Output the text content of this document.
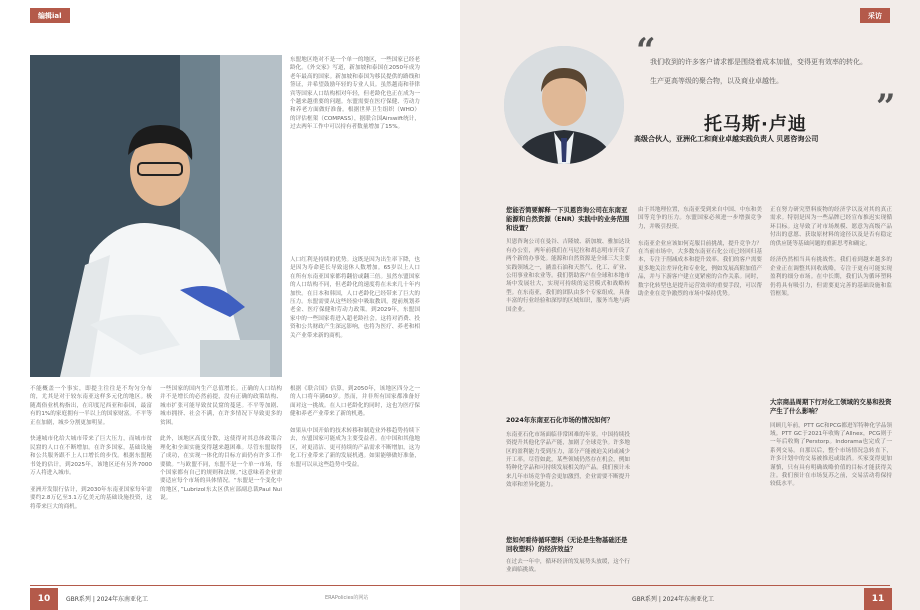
编辑ial
东盟地区绝对不是一个单一的地区，一些国家已经老龄化。《外交家》写道，新加坡和泰国在2050年成为老年最高的国家。新加坡和泰国为移民提供的路线和签证，并希望鼓励年轻的专业人员。虽然越南和菲律宾等国家人口结构相对年轻，但老龄化也正在成为一个越来越重要的问题。东盟需要在医疗保健、劳动力和养老方面做好准备。根据世界卫生组织（WHO）的评估框架（COMPASS），据联合国Airswift统计，过去两年工作中可以持有者数量增加了15%。
人口红利是持续的优势。这既是因为出生率下降，也是因为寿命延长导致退休人数增加。65岁以上人口在所有东南亚国家都将翻倍或翻三倍。虽然东盟国家的人口结构不同，但老龄化的速度将在未来几十年内加快。在日本和韩国，人口老龄化已经带来了巨大的压力。东盟需要从这些经验中吸取教训，提前规划养老金、医疗保健和劳动力政策。到2029年，东盟国家中的一些国家将进入超老龄社会。这将对消费、投资和公共财政产生深远影响，也将为医疗、养老和相关产业带来新的商机。
不能概盖一个事实，即提主往往是不均匀分布的，尤其是对于较东南亚这样多元化的地区。极随离俗业机构指出，在印度尼西亚和泰国，最富有的1%的家庭拥有一半以上的国家财富。不平等正在加剧，城乡分割更加明显。

快速城市化给大城市带来了巨大压力，而城市贫民窟的人口在不断增加。在许多国家，基础设施和公共服务跟不上人口增长的步伐。根据东盟秘书处的估计，到2025年，该地区还有另外7000万人将进入城市。

亚洲开发银行估计，到2030年东南亚国家每年需要约2.8万亿至3.1万亿美元的基础设施投资，这将带来巨大的商机。
一些国家的国内生产总值增长。正确的人口结构并不是增长的必然前提，没有正确的政策结构、城市扩张可能导致贫民窟的蔓延。不平等加剧、城市拥挤、社会不满，在许多情况下导致更多的贫困。

此外，该地区高度分散，这使得对其总体政策合理化和全面实施变得越来越困难。尽管东盟取得了成功，在实现一体化的目标方面仍有许多工作要做。“与欧盟不同，东盟不是一个单一市场，每个国家都有自己的规则和法规。”这意味着企业需要适应每个市场的具体情况。“东盟是一个变化中的地区，”Lubrizol东太区供应部副总裁Paul Nui说。
根据《联合国》估算，到2050年，该地区四分之一的人口将年满60岁。然而，并非所有国家都准备好面对这一挑战。在人口老龄化的同时，这也为医疗保健和养老产业带来了新的机遇。

如果从中国开始的技术转移和制造业外移趋势持续下去，东盟国家可能成为主要受益者。在中国和其他地区，对更清洁、更可持续的产品需求不断增加，这为化工行业带来了新的发展机遇。如果能够做好准备，东盟可以从这些趋势中受益。
10	GBR系列 | 2024年东南亚化工	ERAPolicies的网站
采访
“
我们收到的许多客户请求都是围绕着成本加值，变得更有效率的转化。
生产更高等级的聚合物，以及商业卓越性。
”
托马斯·卢迪
高级合伙人，亚洲化工和商业卓越实践负责人 贝恩咨询公司
您能否简要解释一下贝恩咨询公司在东南亚能源和自然资源（ENR）实践中的业务范围和设置？
贝恩咨询公司在曼谷、吉隆坡、新加坡、雅加达设有办公室，两年前我们在马尼拉和胡志明市开设了两个新的办事处。能源和自然资源是全球三大主要实践领域之一，涵盖石油和天然气、化工、矿业、公用事业和农业等。我们帮助客户在全球和本地市场中发展壮大，实现可持续的运营模式和战略转型。在东南亚，我们的团队由多个专家组成，具备丰富的行业经验和深厚的区域知识，服务当地与跨国企业。
2024年东南亚石化市场的情况如何？
东南亚石化市场面临非常困难的年景。中国持续投资提升其他化学品产能，加剧了全球竞争。许多地区的盈利能力受到压力，部分产能被迫关闭或减少开工率。尽管如此，某些领域仍然存在机会，例如特种化学品和可持续发展相关的产品。我们预计未来几年市场竞争将会更加激烈，企业需要不断提升效率和差异化能力。
您如何看待循环塑料（无论是生物基础还是回收塑料）的经济效益？
在过去一年中，循环经济的发展势头放缓，这个行业面临挑战。
由于其地理位置，东南亚受到来自中国、中东和美国等竞争的压力。东盟国家必须进一步增强竞争力，并吸引投资。

东南亚企业应该如何克服目前挑战，提升竞争力？在当前市场中，大多数东南亚石化公司已经回归基本，专注于削减成本和提升效率。我们的客户需要更多地关注差异化和专业化，例如发展高附加值产品，并与下游客户建立更紧密的合作关系。同时，数字化转型也是提升运营效率的重要手段，可以帮助企业在竞争激烈的市场中保持优势。
正在努力研究塑料废物的经济学以及对其的真正需求。特别是因为一些品牌已经宣布推迟实现循环目标。这导致了对市场规模、愿意为高级产品付出的意愿、获取原材料的途径以及是否有稳定的供应链等基础问题的重新思考和确定。

经济仍然相当具有挑战性。我们看到越来越多的企业正在调整其回收战略，专注于更有可能实现盈利的细分市场。在中长期，我们认为循环塑料仍将具有吸引力，但需要更完善的基础设施和监管框架。
大宗商品周期下行对化工领域的交易和投资产生了什么影响？
回顾几年前，PTT GC和PCG都进军特种化学品领域。PTT GC于2021年收购了Allnex，PCG则于一年后收购了Perstorp。Indorama也完成了一系列交易。自那以后，整个市场情况急转直下，许多计划中的交易被推迟或取消。买家变得更加谨慎，只有具有明确战略价值的目标才能获得关注。我们预计在市场复苏之前，交易活动将保持较低水平。
GBR系列 | 2024年东南亚化工	11
